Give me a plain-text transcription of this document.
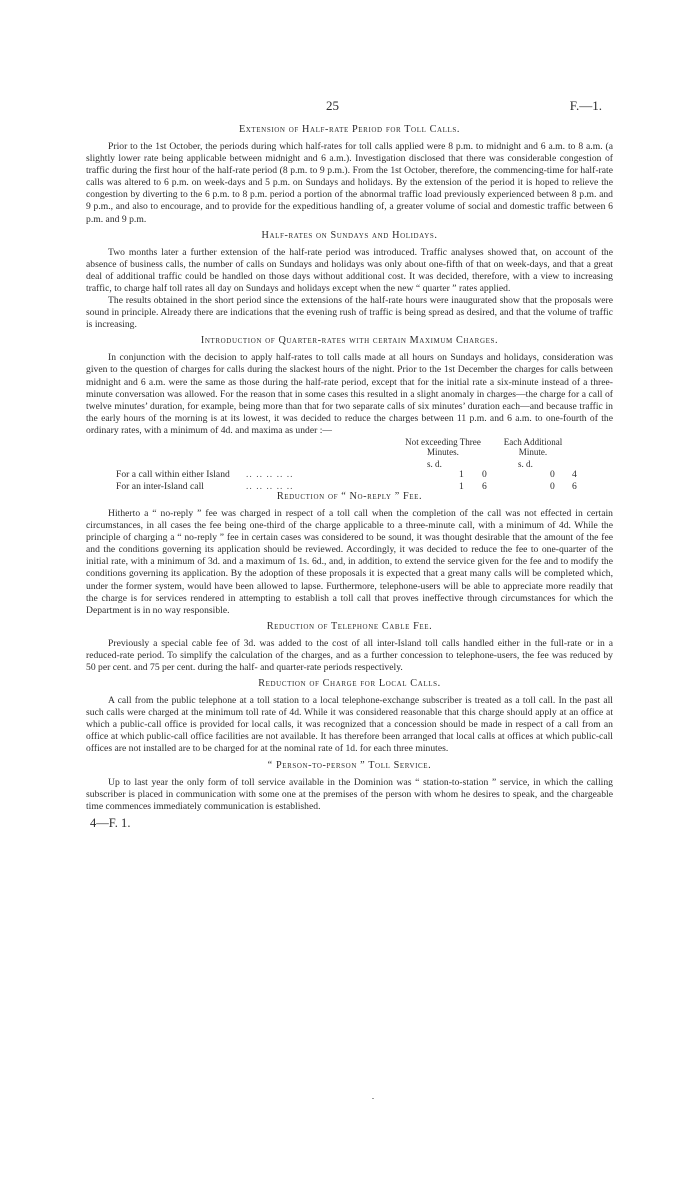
25	F.—1.
Extension of Half-rate Period for Toll Calls.

Prior to the 1st October, the periods during which half-rates for toll calls applied were 8 p.m. to midnight and 6 a.m. to 8 a.m. (a slightly lower rate being applicable between midnight and 6 a.m.). Investigation disclosed that there was considerable congestion of traffic during the first hour of the half-rate period (8 p.m. to 9 p.m.). From the 1st October, therefore, the commencing-time for half-rate calls was altered to 6 p.m. on week-days and 5 p.m. on Sundays and holidays. By the extension of the period it is hoped to relieve the congestion by diverting to the 6 p.m. to 8 p.m. period a portion of the abnormal traffic load previously experienced between 8 p.m. and 9 p.m., and also to encourage, and to provide for the expeditious handling of, a greater volume of social and domestic traffic between 6 p.m. and 9 p.m.

Half-rates on Sundays and Holidays.

Two months later a further extension of the half-rate period was introduced. Traffic analyses showed that, on account of the absence of business calls, the number of calls on Sundays and holidays was only about one-fifth of that on week-days, and that a great deal of additional traffic could be handled on those days without additional cost. It was decided, therefore, with a view to increasing traffic, to charge half toll rates all day on Sundays and holidays except when the new “ quarter ” rates applied.

The results obtained in the short period since the extensions of the half-rate hours were inaugurated show that the proposals were sound in principle. Already there are indications that the evening rush of traffic is being spread as desired, and that the volume of traffic is increasing.

Introduction of Quarter-rates with certain Maximum Charges.

In conjunction with the decision to apply half-rates to toll calls made at all hours on Sundays and holidays, consideration was given to the question of charges for calls during the slackest hours of the night. Prior to the 1st December the charges for calls between midnight and 6 a.m. were the same as those during the half-rate period, except that for the initial rate a six-minute instead of a three-minute conversation was allowed. For the reason that in some cases this resulted in a slight anomaly in charges—the charge for a call of twelve minutes’ duration, for example, being more than that for two separate calls of six minutes’ duration each—and because traffic in the early hours of the morning is at its lowest, it was decided to reduce the charges between 11 p.m. and 6 a.m. to one-fourth of the ordinary rates, with a minimum of 4d. and maxima as under :—

Not exceeding Three Minutes.
Each Additional Minute.
s. d.	s. d.
For a call within either Island .. .. .. .. ..	1 0	0 4
For an inter-Island call	.. .. .. .. ..	1 6	0 6
Reduction of “ No-reply ” Fee.

Hitherto a “ no-reply ” fee was charged in respect of a toll call when the completion of the call was not effected in certain circumstances, in all cases the fee being one-third of the charge applicable to a three-minute call, with a minimum of 4d. While the principle of charging a “ no-reply ” fee in certain cases was considered to be sound, it was thought desirable that the amount of the fee and the conditions governing its application should be reviewed. Accordingly, it was decided to reduce the fee to one-quarter of the initial rate, with a minimum of 3d. and a maximum of 1s. 6d., and, in addition, to extend the service given for the fee and to modify the conditions governing its application. By the adoption of these proposals it is expected that a great many calls will be completed which, under the former system, would have been allowed to lapse. Furthermore, telephone-users will be able to appreciate more readily that the charge is for services rendered in attempting to establish a toll call that proves ineffective through circumstances for which the Department is in no way responsible.

Reduction of Telephone Cable Fee.

Previously a special cable fee of 3d. was added to the cost of all inter-Island toll calls handled either in the full-rate or in a reduced-rate period. To simplify the calculation of the charges, and as a further concession to telephone-users, the fee was reduced by 50 per cent. and 75 per cent. during the half- and quarter-rate periods respectively.

Reduction of Charge for Local Calls.

A call from the public telephone at a toll station to a local telephone-exchange subscriber is treated as a toll call. In the past all such calls were charged at the minimum toll rate of 4d. While it was considered reasonable that this charge should apply at an office at which a public-call office is provided for local calls, it was recognized that a concession should be made in respect of a call from an office at which public-call office facilities are not available. It has therefore been arranged that local calls at offices at which public-call offices are not installed are to be charged for at the nominal rate of 1d. for each three minutes.

“ Person-to-person ” Toll Service.

Up to last year the only form of toll service available in the Dominion was “ station-to-station ” service, in which the calling subscriber is placed in communication with some one at the premises of the person with whom he desires to speak, and the chargeable time commences immediately communication is established.

4—F. 1.
